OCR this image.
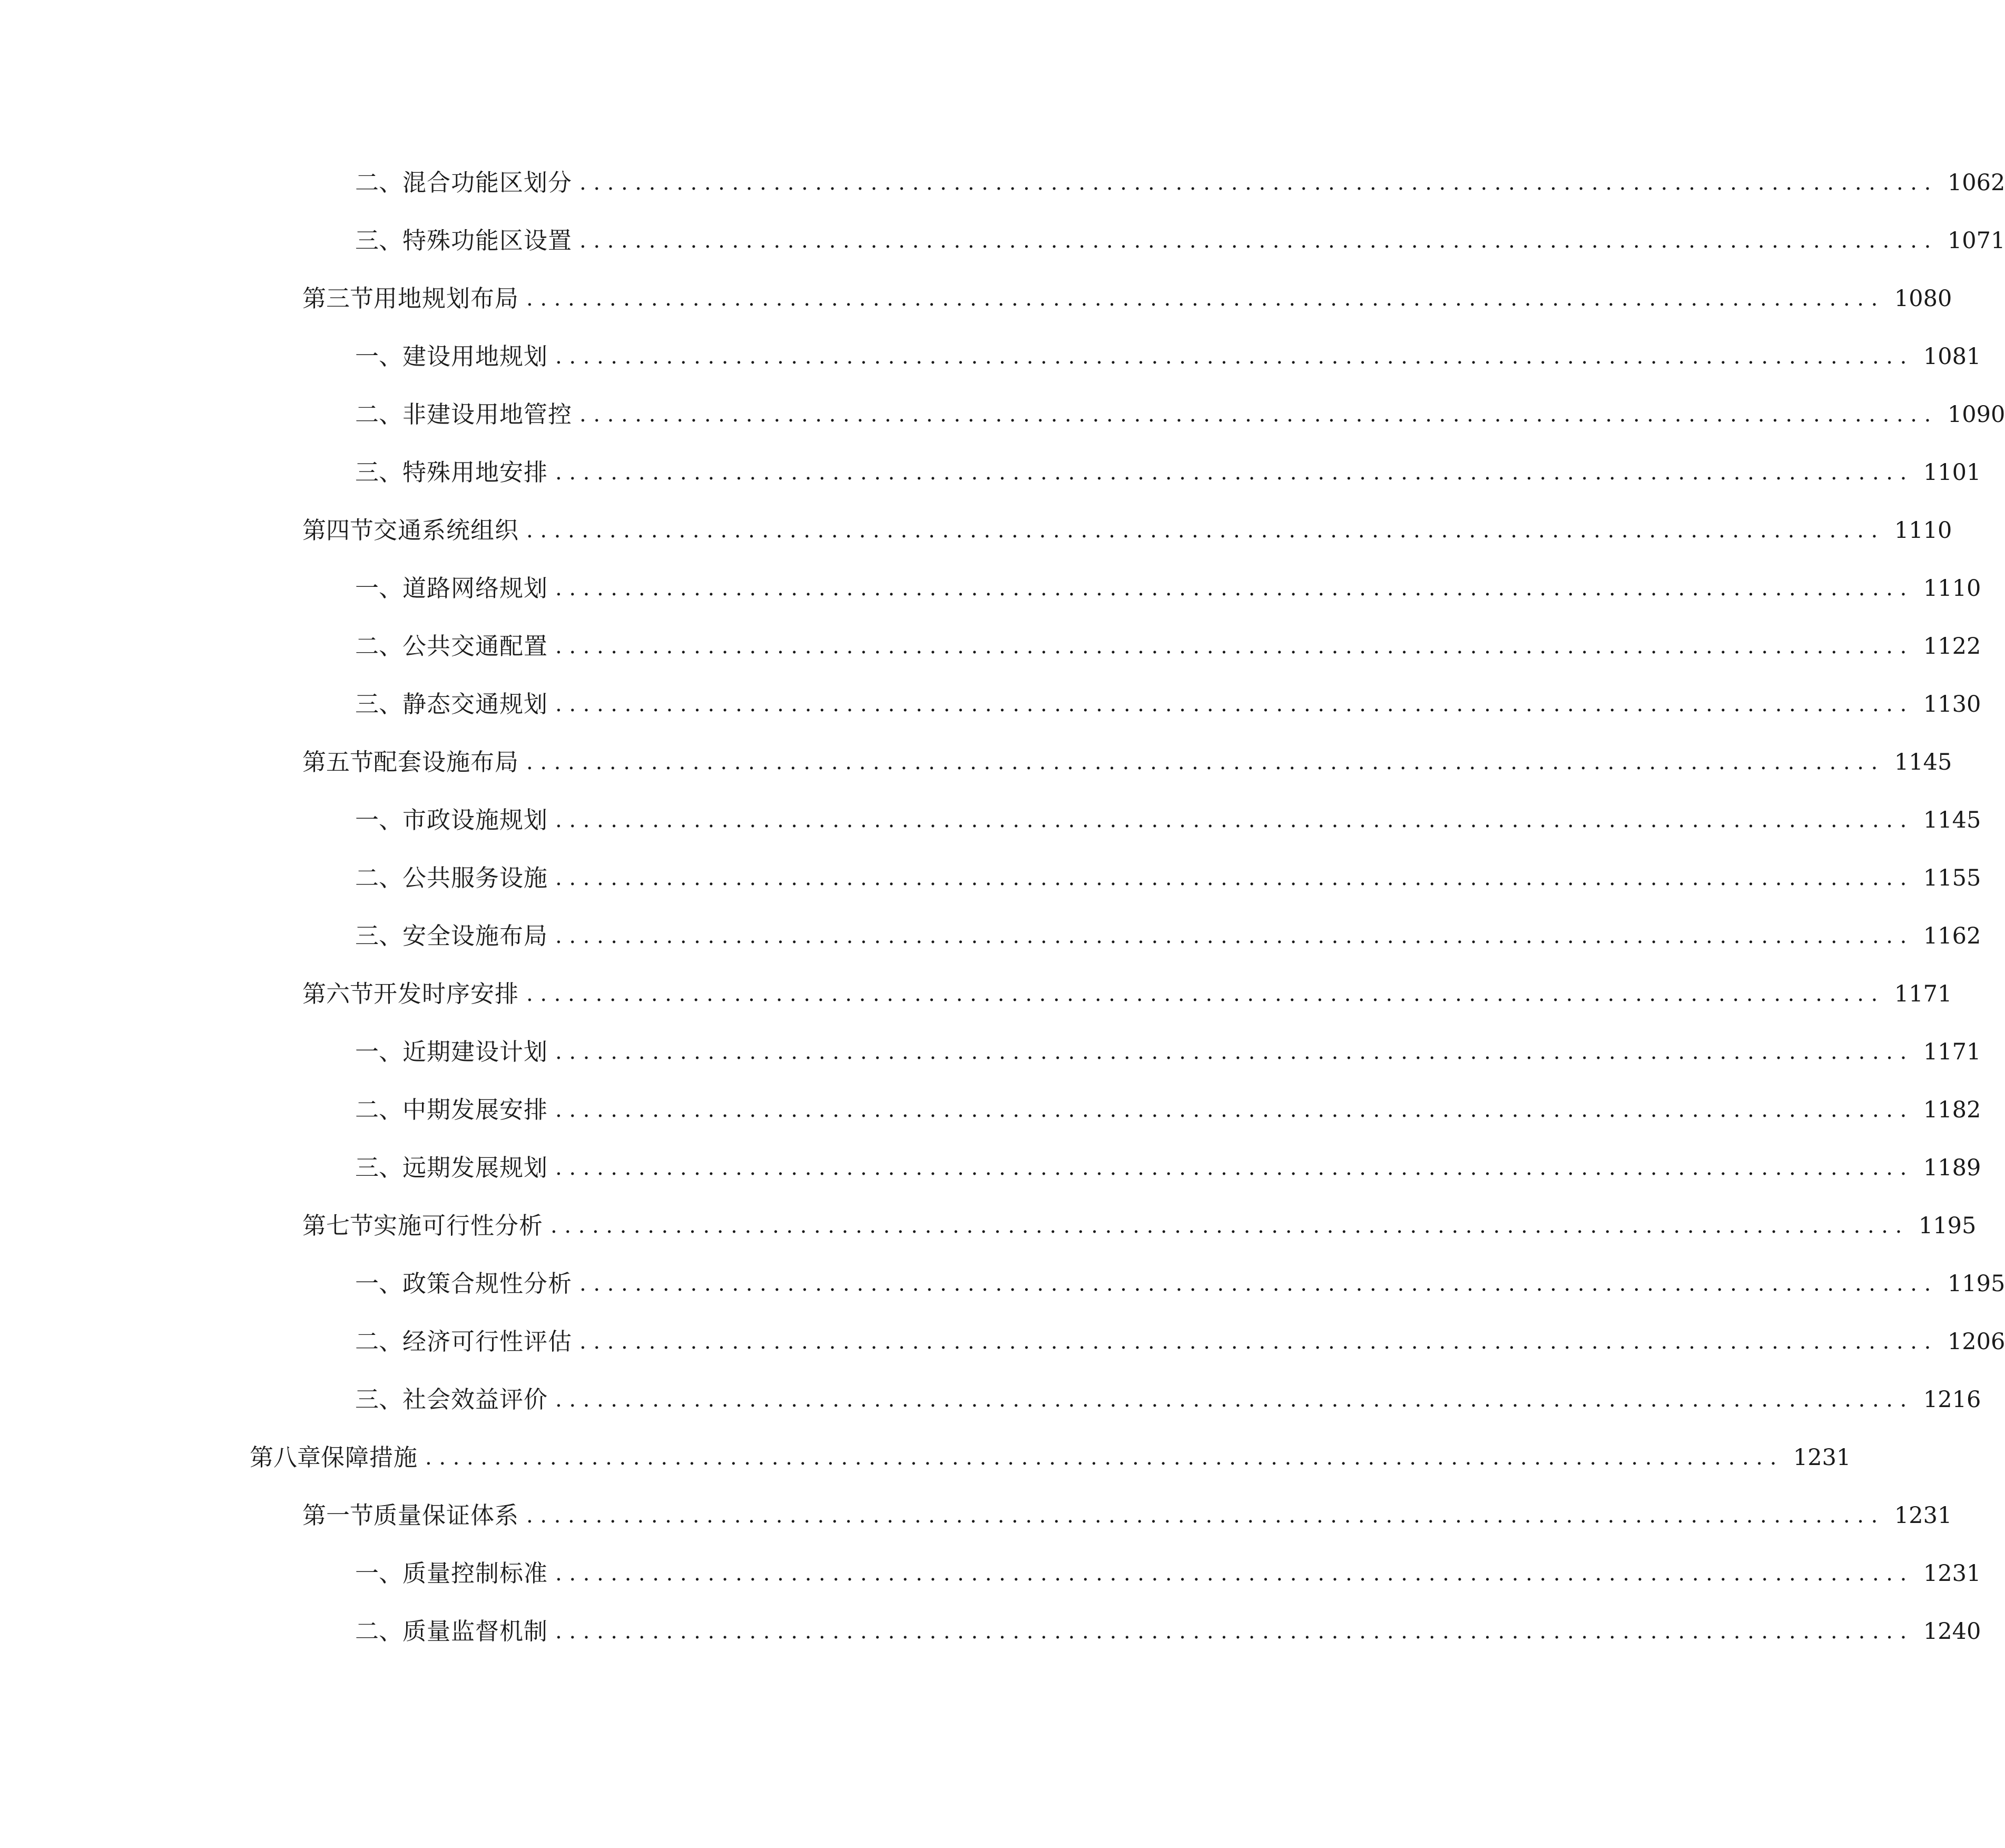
二、 混合功能区划分 .................................................................................................. 1062
三、 特殊功能区设置 .................................................................................................. 1071
第三节 用地规划布局 .................................................................................................. 1080
一、 建设用地规划 .................................................................................................. 1081
二、 非建设用地管控 .................................................................................................. 1090
三、 特殊用地安排 .................................................................................................. 1101
第四节 交通系统组织 .................................................................................................. 1110
一、 道路网络规划 .................................................................................................. 1110
二、 公共交通配置 .................................................................................................. 1122
三、 静态交通规划 .................................................................................................. 1130
第五节 配套设施布局 .................................................................................................. 1145
一、 市政设施规划 .................................................................................................. 1145
二、 公共服务设施 .................................................................................................. 1155
三、 安全设施布局 .................................................................................................. 1162
第六节 开发时序安排 .................................................................................................. 1171
一、 近期建设计划 .................................................................................................. 1171
二、 中期发展安排 .................................................................................................. 1182
三、 远期发展规划 .................................................................................................. 1189
第七节 实施可行性分析 .................................................................................................. 1195
一、 政策合规性分析 .................................................................................................. 1195
二、 经济可行性评估 .................................................................................................. 1206
三、 社会效益评价 .................................................................................................. 1216
第八章 保障措施 .................................................................................................. 1231
第一节 质量保证体系 .................................................................................................. 1231
一、 质量控制标准 .................................................................................................. 1231
二、 质量监督机制 .................................................................................................. 1240
